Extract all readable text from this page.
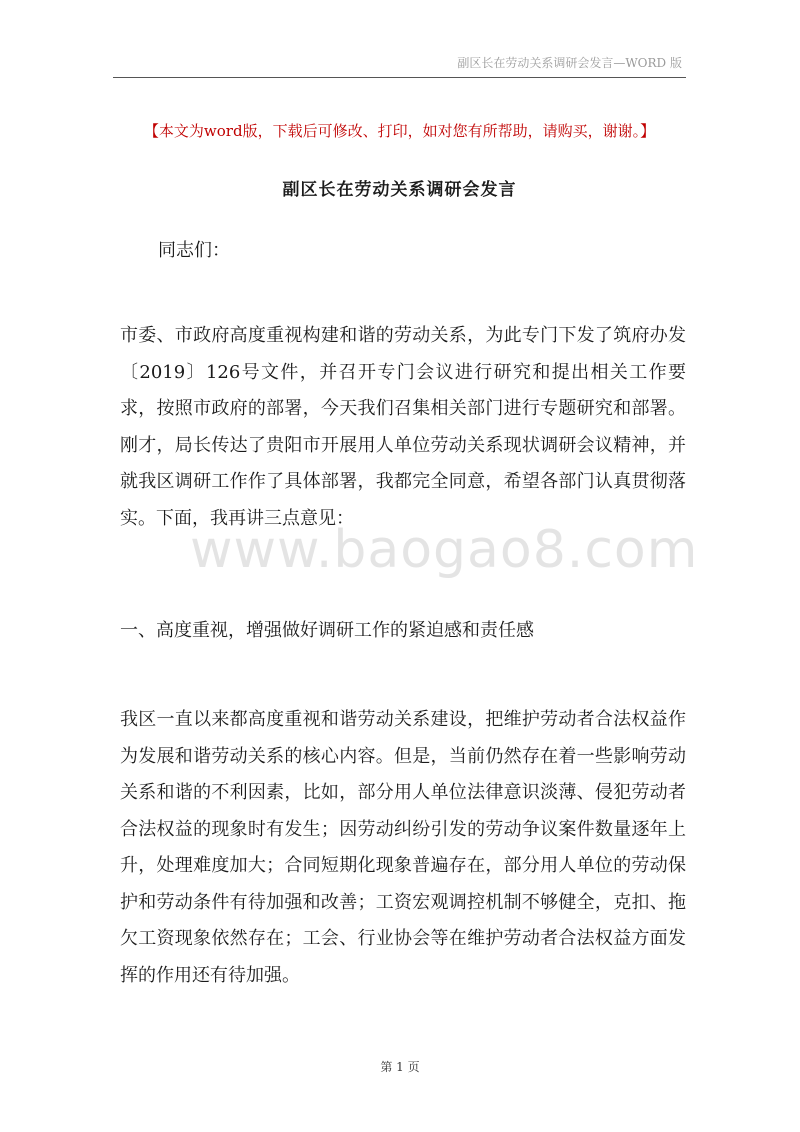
副区长在劳动关系调研会发言—WORD 版
【本文为word版，下载后可修改、打印，如对您有所帮助，请购买，谢谢。】
副区长在劳动关系调研会发言
同志们：

市委、市政府高度重视构建和谐的劳动关系，为此专门下发了筑府办发〔2019〕126号文件，并召开专门会议进行研究和提出相关工作要求，按照市政府的部署，今天我们召集相关部门进行专题研究和部署。刚才，局长传达了贵阳市开展用人单位劳动关系现状调研会议精神，并就我区调研工作作了具体部署，我都完全同意，希望各部门认真贯彻落实。下面，我再讲三点意见：

www.baogao8.com
一、高度重视，增强做好调研工作的紧迫感和责任感

我区一直以来都高度重视和谐劳动关系建设，把维护劳动者合法权益作为发展和谐劳动关系的核心内容。但是，当前仍然存在着一些影响劳动关系和谐的不利因素，比如，部分用人单位法律意识淡薄、侵犯劳动者合法权益的现象时有发生；因劳动纠纷引发的劳动争议案件数量逐年上升，处理难度加大；合同短期化现象普遍存在，部分用人单位的劳动保护和劳动条件有待加强和改善；工资宏观调控机制不够健全，克扣、拖欠工资现象依然存在；工会、行业协会等在维护劳动者合法权益方面发挥的作用还有待加强。

第 1 页
